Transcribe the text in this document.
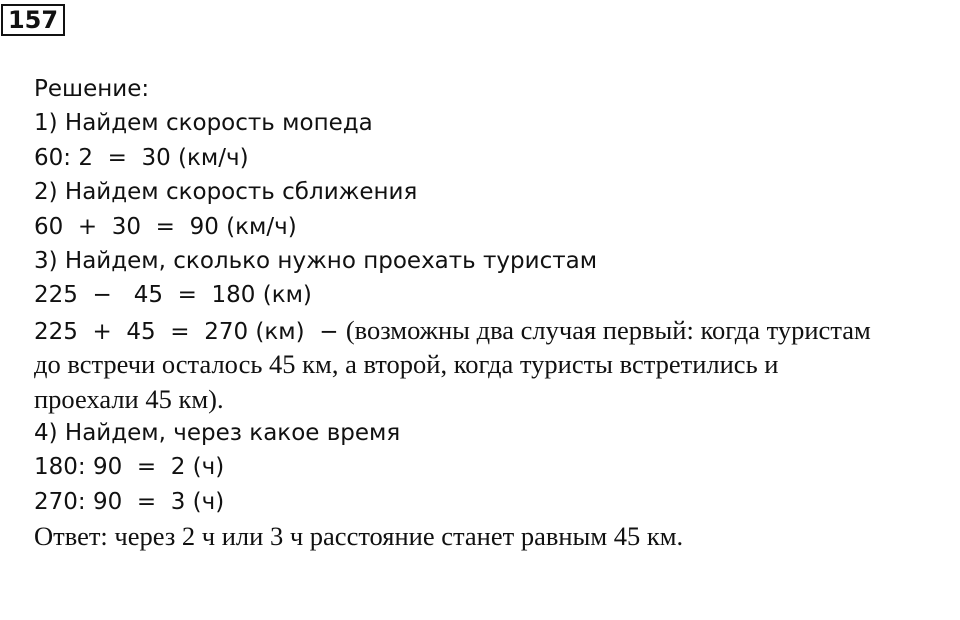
157
Решение:
1) Найдем скорость мопеда
60: 2  =  30 (км/ч)
2) Найдем скорость сближения
60  +  30  =  90 (км/ч)
3) Найдем, сколько нужно проехать туристам
225  −   45  =  180 (км)
225  +  45  =  270 (км)  − (возможны два случая первый: когда туристам
до встречи осталось 45 км, а второй, когда туристы встретились и
проехали 45 км).
4) Найдем, через какое время
180: 90  =  2 (ч)
270: 90  =  3 (ч)
Ответ: через 2 ч или 3 ч расстояние станет равным 45 км.
